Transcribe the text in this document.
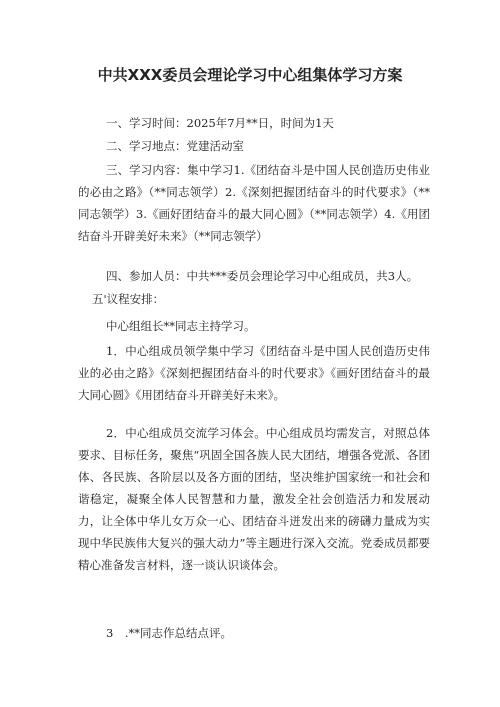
中共XXX委员会理论学习中心组集体学习方案

一、学习时间：2025年7月**日，时间为1天

二、学习地点：党建活动室

三、学习内容：集中学习1.《团结奋斗是中国人民创造历史伟业的必由之路》（**同志领学）2.《深刻把握团结奋斗的时代要求》（**同志领学）3.《画好团结奋斗的最大同心圆》（**同志领学）4.《用团结奋斗开辟美好未来》（**同志领学）

四、参加人员：中共***委员会理论学习中心组成员，共3人。

五'议程安排：

中心组组长**同志主持学习。

1．中心组成员领学集中学习《团结奋斗是中国人民创造历史伟业的必由之路》《深刻把握团结奋斗的时代要求》《画好团结奋斗的最大同心圆》《用团结奋斗开辟美好未来》。

2．中心组成员交流学习体会。中心组成员均需发言，对照总体要求、目标任务，聚焦“巩固全国各族人民大团结，增强各党派、各团体、各民族、各阶层以及各方面的团结，坚决维护国家统一和社会和谐稳定，凝聚全体人民智慧和力量，激发全社会创造活力和发展动力，让全体中华儿女万众一心、团结奋斗迸发出来的磅礴力量成为实现中华民族伟大复兴的强大动力”等主题进行深入交流。党委成员都要精心准备发言材料，逐一谈认识谈体会。

3　.**同志作总结点评。
